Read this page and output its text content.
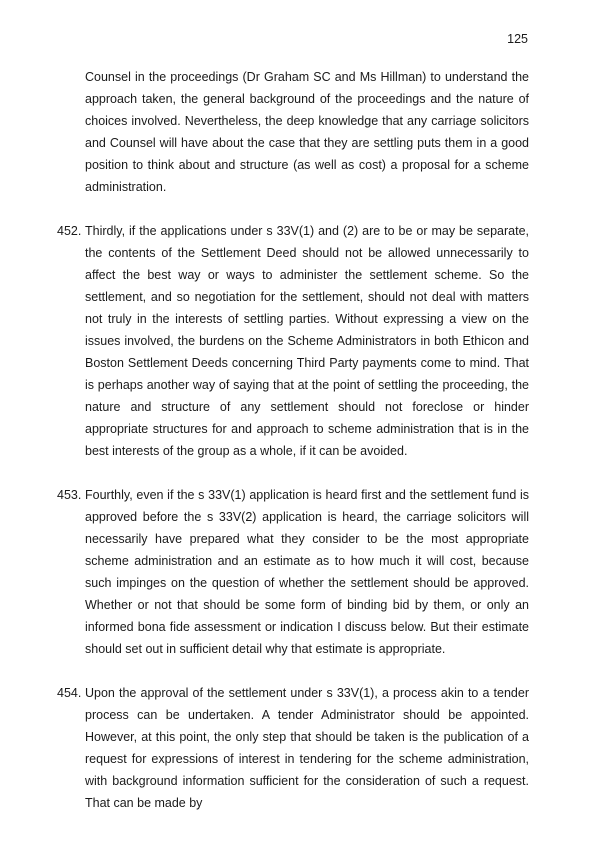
125

Counsel in the proceedings (Dr Graham SC and Ms Hillman) to understand the approach taken, the general background of the proceedings and the nature of choices involved. Nevertheless, the deep knowledge that any carriage solicitors and Counsel will have about the case that they are settling puts them in a good position to think about and structure (as well as cost) a proposal for a scheme administration.

452. Thirdly, if the applications under s 33V(1) and (2) are to be or may be separate, the contents of the Settlement Deed should not be allowed unnecessarily to affect the best way or ways to administer the settlement scheme. So the settlement, and so negotiation for the settlement, should not deal with matters not truly in the interests of settling parties. Without expressing a view on the issues involved, the burdens on the Scheme Administrators in both Ethicon and Boston Settlement Deeds concerning Third Party payments come to mind. That is perhaps another way of saying that at the point of settling the proceeding, the nature and structure of any settlement should not foreclose or hinder appropriate structures for and approach to scheme administration that is in the best interests of the group as a whole, if it can be avoided.

453. Fourthly, even if the s 33V(1) application is heard first and the settlement fund is approved before the s 33V(2) application is heard, the carriage solicitors will necessarily have prepared what they consider to be the most appropriate scheme administration and an estimate as to how much it will cost, because such impinges on the question of whether the settlement should be approved. Whether or not that should be some form of binding bid by them, or only an informed bona fide assessment or indication I discuss below. But their estimate should set out in sufficient detail why that estimate is appropriate.

454. Upon the approval of the settlement under s 33V(1), a process akin to a tender process can be undertaken. A tender Administrator should be appointed. However, at this point, the only step that should be taken is the publication of a request for expressions of interest in tendering for the scheme administration, with background information sufficient for the consideration of such a request. That can be made by
